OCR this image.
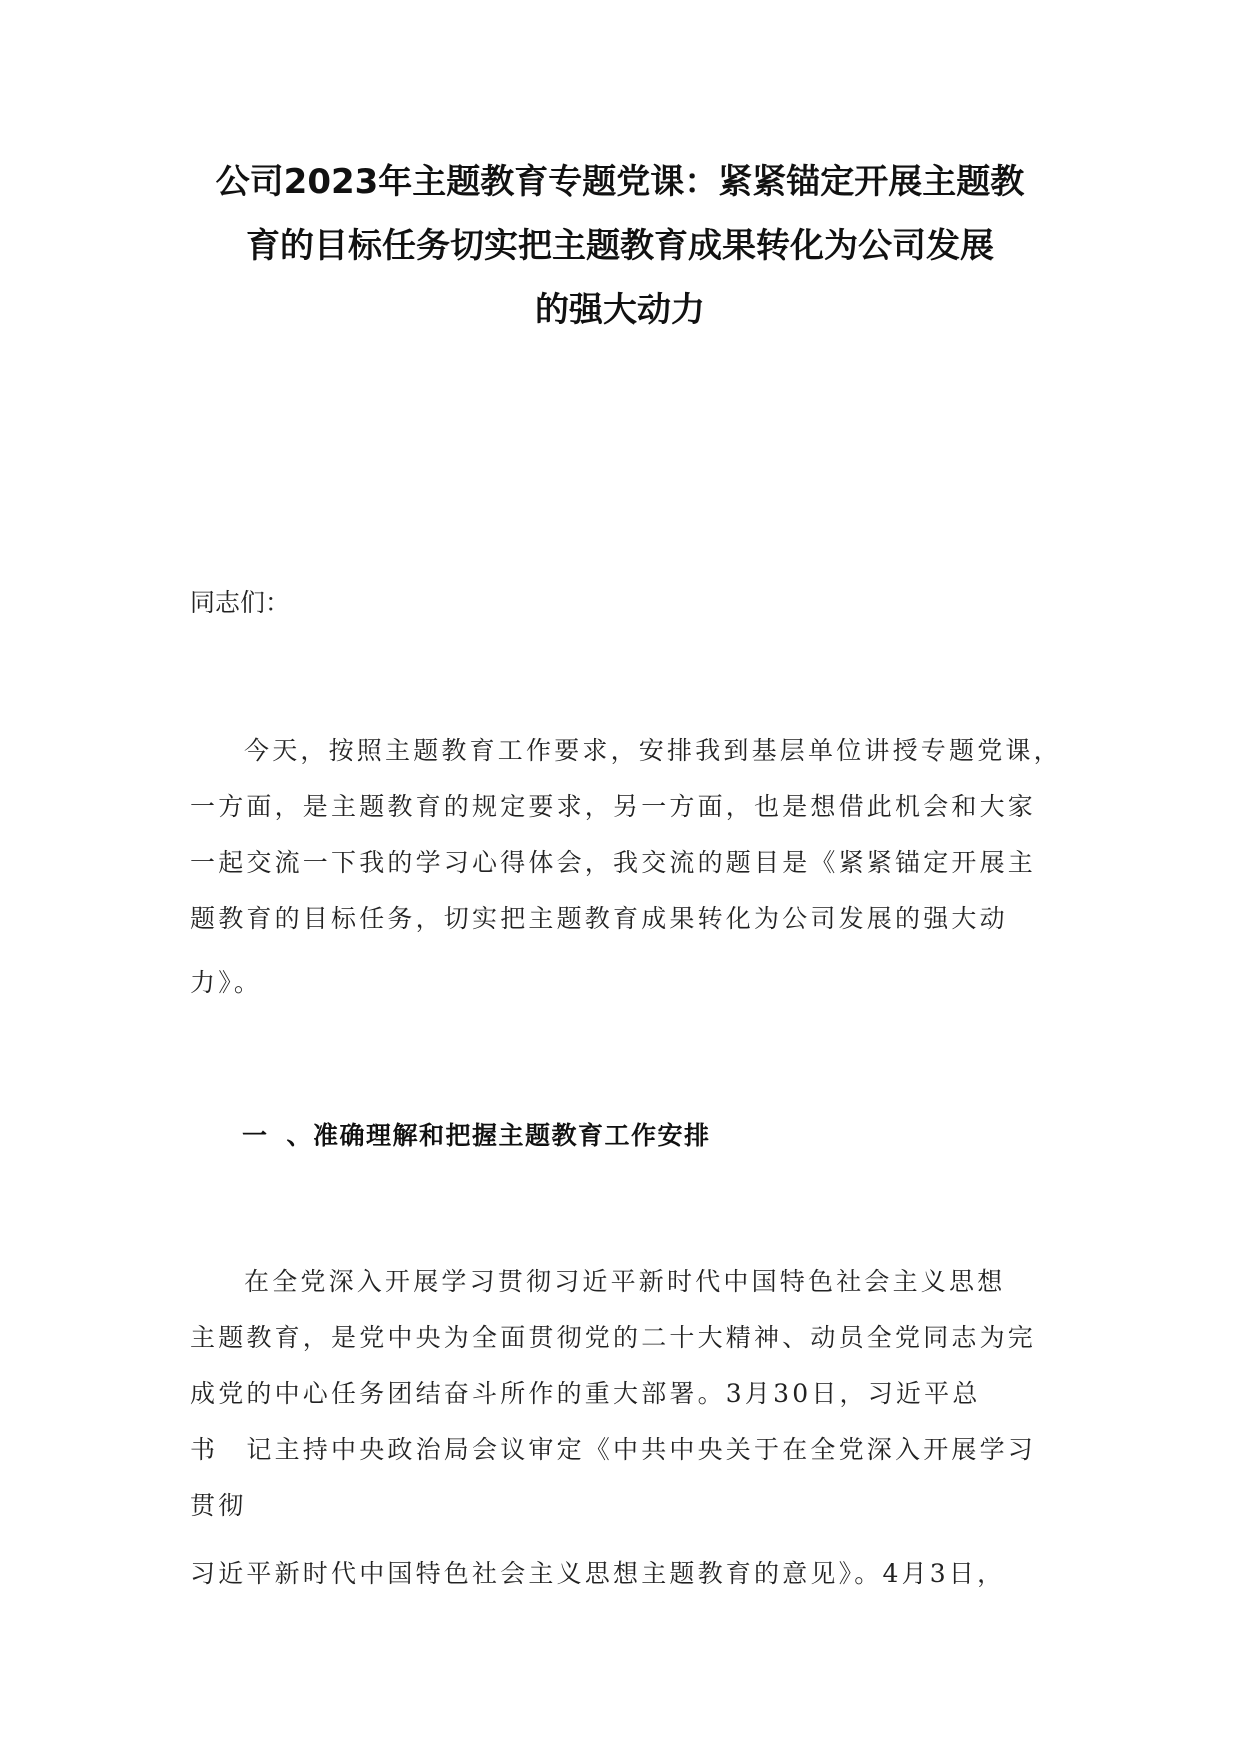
公司2023年主题教育专题党课：紧紧锚定开展主题教
育的目标任务切实把主题教育成果转化为公司发展
的强大动力

同志们：

今天，按照主题教育工作要求，安排我到基层单位讲授专题党课，
一方面，是主题教育的规定要求，另一方面，也是想借此机会和大家
一起交流一下我的学习心得体会，我交流的题目是《紧紧锚定开展主
题教育的目标任务，切实把主题教育成果转化为公司发展的强大动
力》。
一 、准确理解和把握主题教育工作安排
在全党深入开展学习贯彻习近平新时代中国特色社会主义思想
主题教育，是党中央为全面贯彻党的二十大精神、动员全党同志为完
成党的中心任务团结奋斗所作的重大部署。3月30日，习近平总
书　记主持中央政治局会议审定《中共中央关于在全党深入开展学习
贯彻
习近平新时代中国特色社会主义思想主题教育的意见》。4月3日，
